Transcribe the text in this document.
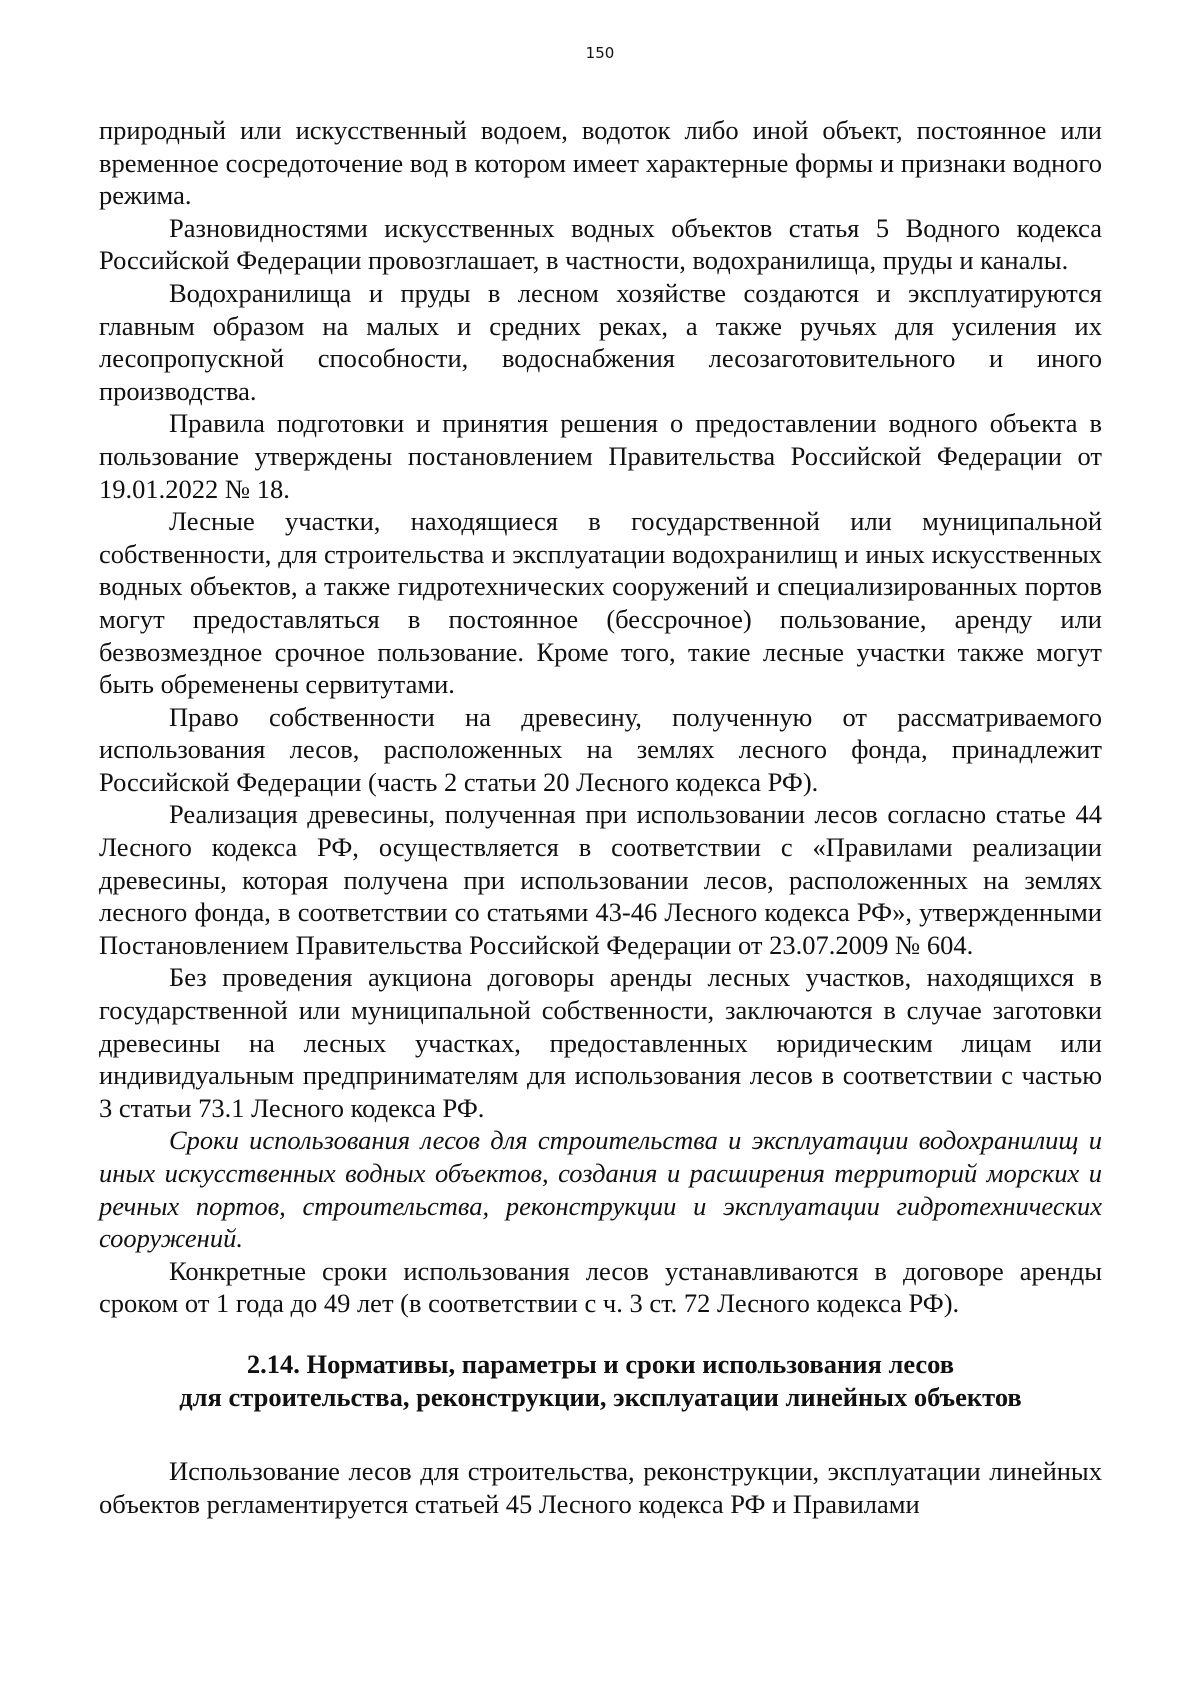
150

природный или искусственный водоем, водоток либо иной объект, постоянное или временное сосредоточение вод в котором имеет характерные формы и признаки водного режима.

Разновидностями искусственных водных объектов статья 5 Водного кодекса Российской Федерации провозглашает, в частности, водохранилища, пруды и каналы.

Водохранилища и пруды в лесном хозяйстве создаются и эксплуатируются главным образом на малых и средних реках, а также ручьях для усиления их лесопропускной способности, водоснабжения лесозаготовительного и иного производства.

Правила подготовки и принятия решения о предоставлении водного объекта в пользование утверждены постановлением Правительства Российской Федерации от 19.01.2022 № 18.

Лесные участки, находящиеся в государственной или муниципальной собственности, для строительства и эксплуатации водохранилищ и иных искусственных водных объектов, а также гидротехнических сооружений и специализированных портов могут предоставляться в постоянное (бессрочное) пользование, аренду или безвозмездное срочное пользование. Кроме того, такие лесные участки также могут быть обременены сервитутами.

Право собственности на древесину, полученную от рассматриваемого использования лесов, расположенных на землях лесного фонда, принадлежит Российской Федерации (часть 2 статьи 20 Лесного кодекса РФ).

Реализация древесины, полученная при использовании лесов согласно статье 44 Лесного кодекса РФ, осуществляется в соответствии с «Правилами реализации древесины, которая получена при использовании лесов, расположенных на землях лесного фонда, в соответствии со статьями 43-46 Лесного кодекса РФ», утвержденными Постановлением Правительства Российской Федерации от 23.07.2009 № 604.

Без проведения аукциона договоры аренды лесных участков, находящихся в государственной или муниципальной собственности, заключаются в случае заготовки древесины на лесных участках, предоставленных юридическим лицам или индивидуальным предпринимателям для использования лесов в соответствии с частью 3 статьи 73.1 Лесного кодекса РФ.

Сроки использования лесов для строительства и эксплуатации водохранилищ и иных искусственных водных объектов, создания и расширения территорий морских и речных портов, строительства, реконструкции и эксплуатации гидротехнических сооружений.

Конкретные сроки использования лесов устанавливаются в договоре аренды сроком от 1 года до 49 лет (в соответствии с ч. 3 ст. 72 Лесного кодекса РФ).

2.14. Нормативы, параметры и сроки использования лесов
для строительства, реконструкции, эксплуатации линейных объектов

Использование лесов для строительства, реконструкции, эксплуатации линейных объектов регламентируется статьей 45 Лесного кодекса РФ и Правилами
